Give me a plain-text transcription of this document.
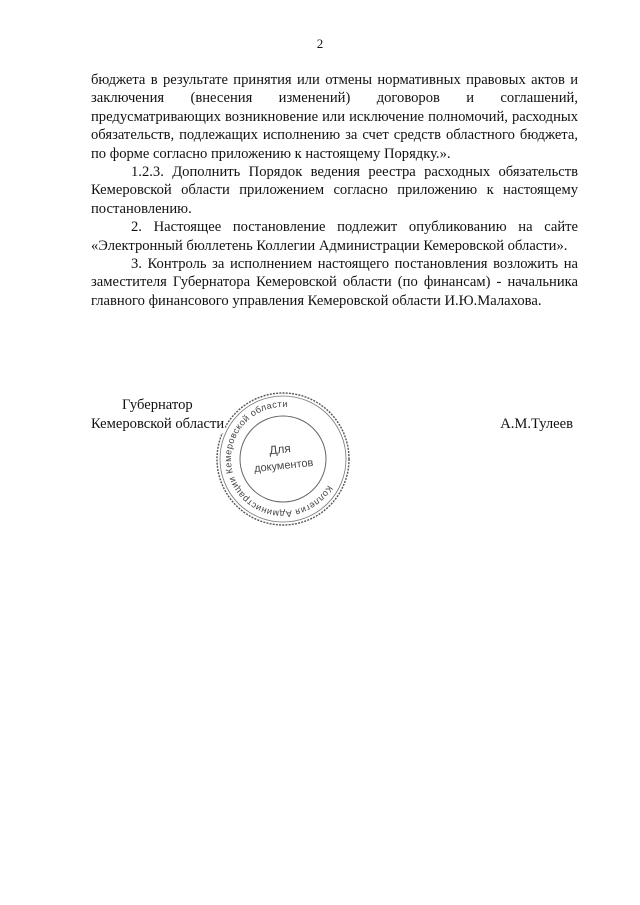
2

бюджета в результате принятия или отмены нормативных правовых актов и заключения (внесения изменений) договоров и соглашений, предусматривающих возникновение или исключение полномочий, расходных обязательств, подлежащих исполнению за счет средств областного бюджета, по форме согласно приложению к настоящему Порядку.».

1.2.3. Дополнить Порядок ведения реестра расходных обязательств Кемеровской области приложением согласно приложению к настоящему постановлению.

2. Настоящее постановление подлежит опубликованию на сайте «Электронный бюллетень Коллегии Администрации Кемеровской области».

3. Контроль за исполнением настоящего постановления возложить на заместителя Губернатора Кемеровской области (по финансам) - начальника главного финансового управления Кемеровской области И.Ю.Малахова.

Губернатор
Кемеровской области	А.М.Тулеев
Коллегия Администрации Кемеровской области
Для
документов
